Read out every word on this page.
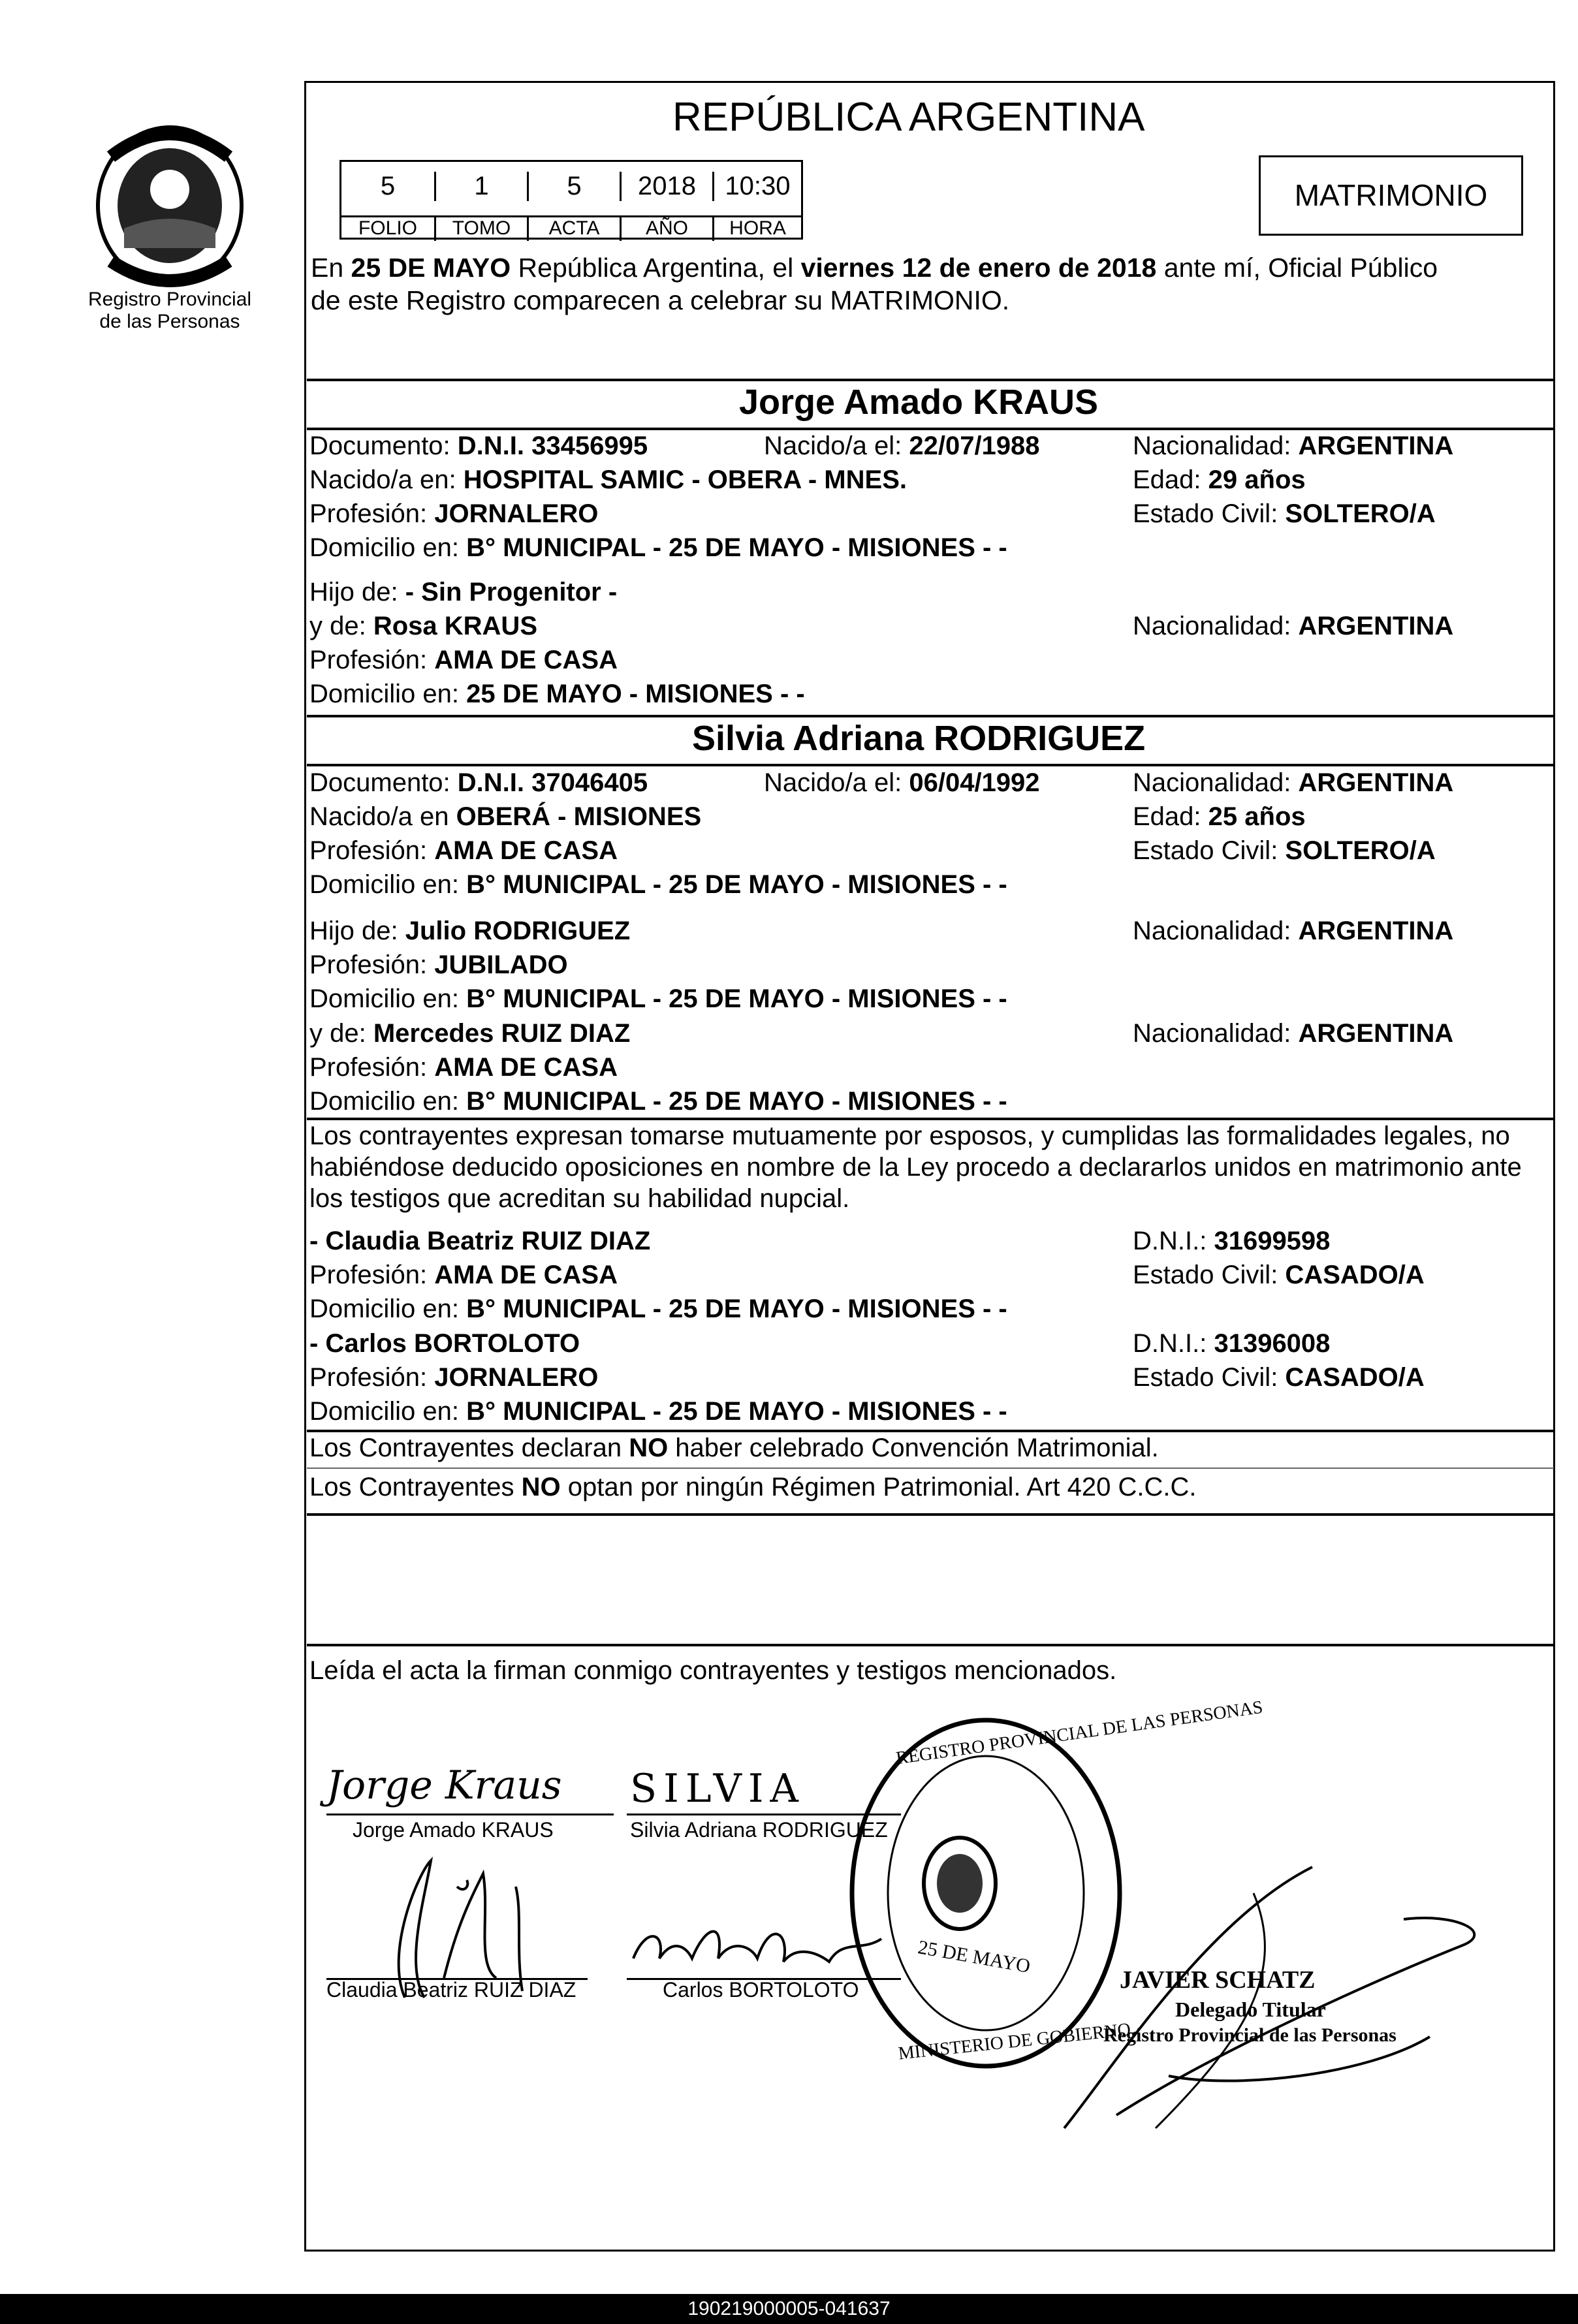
Registro Provincial
de las Personas
REPÚBLICA ARGENTINA
5	1	5	2018	10:30
FOLIO	TOMO	ACTA	AÑO	HORA
MATRIMONIO
En 25 DE MAYO República Argentina, el viernes 12 de enero de 2018 ante mí, Oficial Público
de este Registro comparecen a celebrar su MATRIMONIO.
Jorge Amado KRAUS
Documento: D.N.I. 33456995	Nacido/a el: 22/07/1988	Nacionalidad: ARGENTINA
Nacido/a en: HOSPITAL SAMIC - OBERA - MNES.	Edad: 29 años
Profesión: JORNALERO	Estado Civil: SOLTERO/A
Domicilio en: B° MUNICIPAL - 25 DE MAYO - MISIONES - -
Hijo de: - Sin Progenitor -
y de: Rosa KRAUS	Nacionalidad: ARGENTINA
Profesión: AMA DE CASA
Domicilio en: 25 DE MAYO - MISIONES - -
Silvia Adriana RODRIGUEZ
Documento: D.N.I. 37046405	Nacido/a el: 06/04/1992	Nacionalidad: ARGENTINA
Nacido/a en OBERÁ - MISIONES	Edad: 25 años
Profesión: AMA DE CASA	Estado Civil: SOLTERO/A
Domicilio en: B° MUNICIPAL - 25 DE MAYO - MISIONES - -
Hijo de: Julio RODRIGUEZ	Nacionalidad: ARGENTINA
Profesión: JUBILADO
Domicilio en: B° MUNICIPAL - 25 DE MAYO - MISIONES - -
y de: Mercedes RUIZ DIAZ	Nacionalidad: ARGENTINA
Profesión: AMA DE CASA
Domicilio en: B° MUNICIPAL - 25 DE MAYO - MISIONES - -
Los contrayentes expresan tomarse mutuamente por esposos, y cumplidas las formalidades legales, no
habiéndose deducido oposiciones en nombre de la Ley procedo a declararlos unidos en matrimonio ante
los testigos que acreditan su habilidad nupcial.
- Claudia Beatriz RUIZ DIAZ	D.N.I.: 31699598
Profesión: AMA DE CASA	Estado Civil: CASADO/A
Domicilio en: B° MUNICIPAL - 25 DE MAYO - MISIONES - -
- Carlos BORTOLOTO	D.N.I.: 31396008
Profesión: JORNALERO	Estado Civil: CASADO/A
Domicilio en: B° MUNICIPAL - 25 DE MAYO - MISIONES - -
Los Contrayentes declaran NO haber celebrado Convención Matrimonial.
Los Contrayentes NO optan por ningún Régimen Patrimonial. Art 420 C.C.C.
Leída el acta la firman conmigo contrayentes y testigos mencionados.
Jorge Kraus
Jorge Amado KRAUS
SILVIA
Silvia Adriana RODRIGUEZ
Claudia Beatriz RUIZ DIAZ	Carlos BORTOLOTO
REGISTRO PROVINCIAL DE LAS PERSONAS
25 DE MAYO
MINISTERIO DE GOBIERNO
JAVIER SCHATZ
Delegado Titular
Registro Provincial de las Personas
190219000005-041637
